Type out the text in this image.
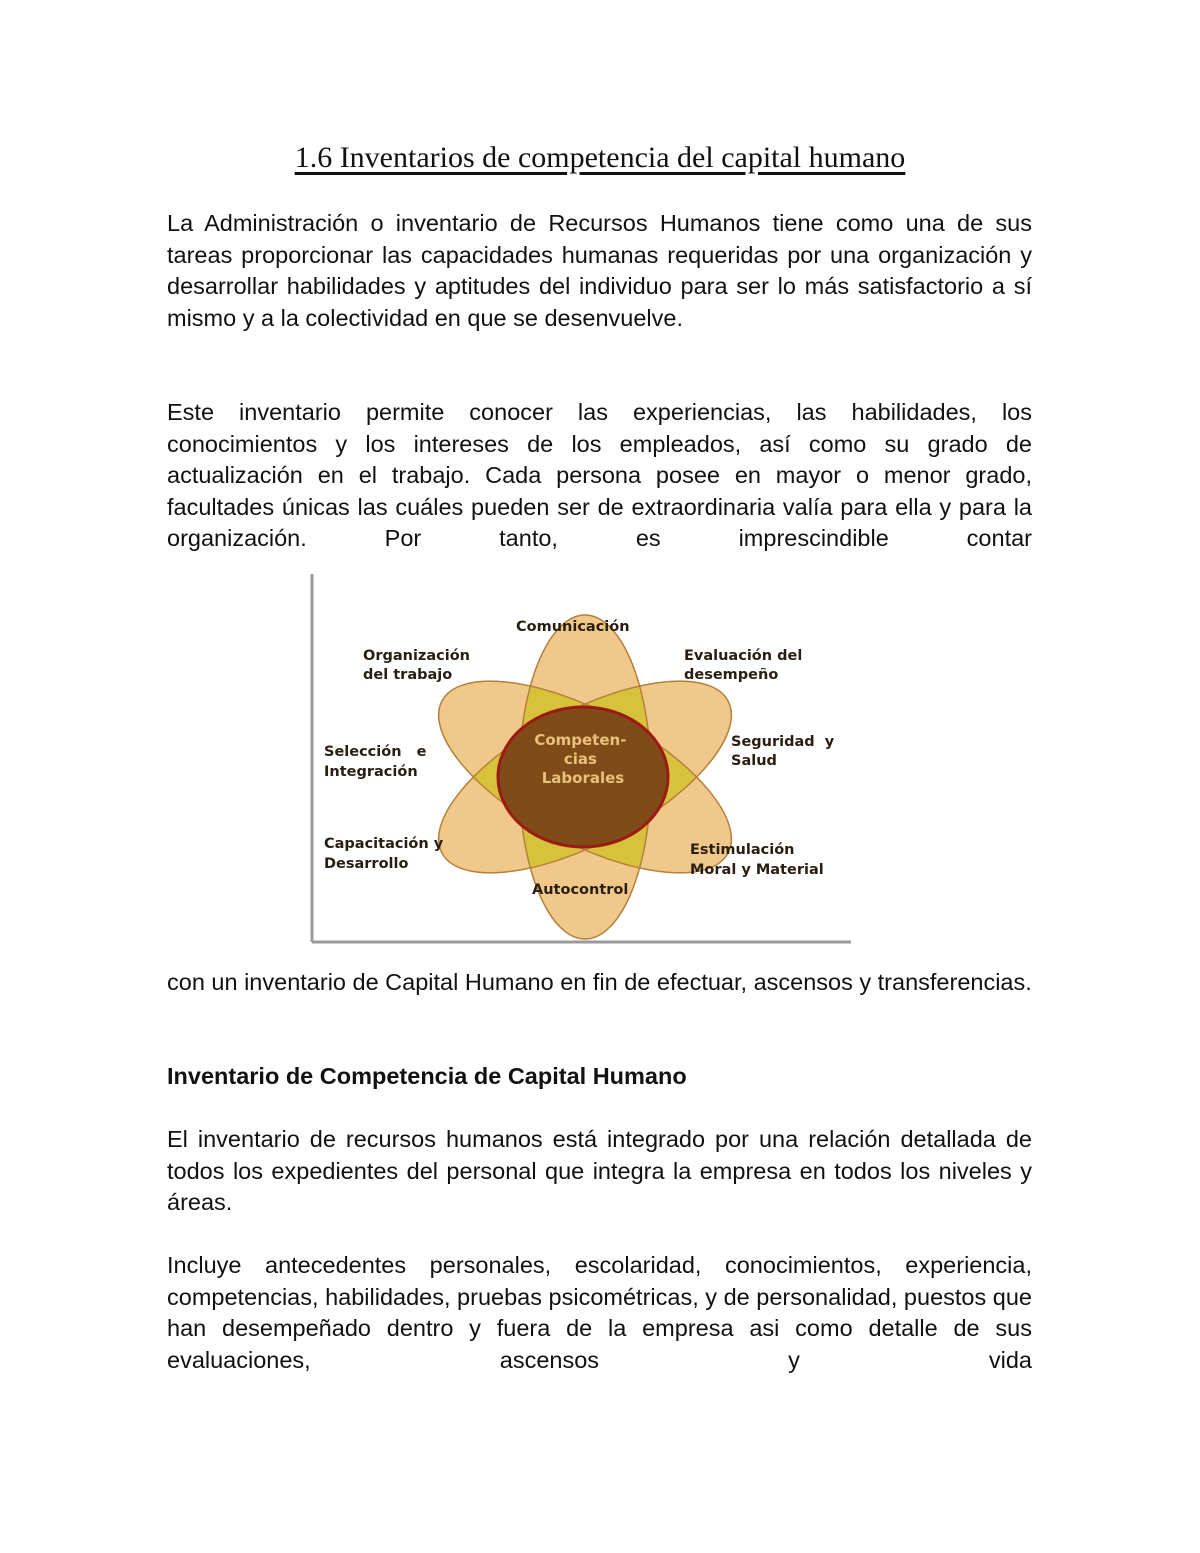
1.6 Inventarios de competencia del capital humano

La Administración o inventario de Recursos Humanos tiene como una de sus tareas proporcionar las capacidades humanas requeridas por una organización y desarrollar habilidades y aptitudes del individuo para ser lo más satisfactorio a sí mismo y a la colectividad en que se desenvuelve.

Este inventario permite conocer las experiencias, las habilidades, los conocimientos y los intereses de los empleados, así como su grado de actualización en el trabajo. Cada persona posee en mayor o menor grado, facultades únicas las cuáles pueden ser de extraordinaria valía para ella y para la organización. Por tanto, es imprescindible contar

Competen- cias Laborales
Comunicación
Organización del trabajo
Evaluación del desempeño
Selección   e Integración
Seguridad  y Salud
Capacitación y Desarrollo
Estimulación Moral y Material
Autocontrol

con un inventario de Capital Humano en fin de efectuar, ascensos y transferencias.

Inventario de Competencia de Capital Humano

El inventario de recursos humanos está integrado por una relación detallada de todos los expedientes del personal que integra la empresa en todos los niveles y áreas.

Incluye antecedentes personales, escolaridad, conocimientos, experiencia, competencias, habilidades, pruebas psicométricas, y de personalidad, puestos que han desempeñado dentro y fuera de la empresa asi como detalle de sus evaluaciones, ascensos y vida
